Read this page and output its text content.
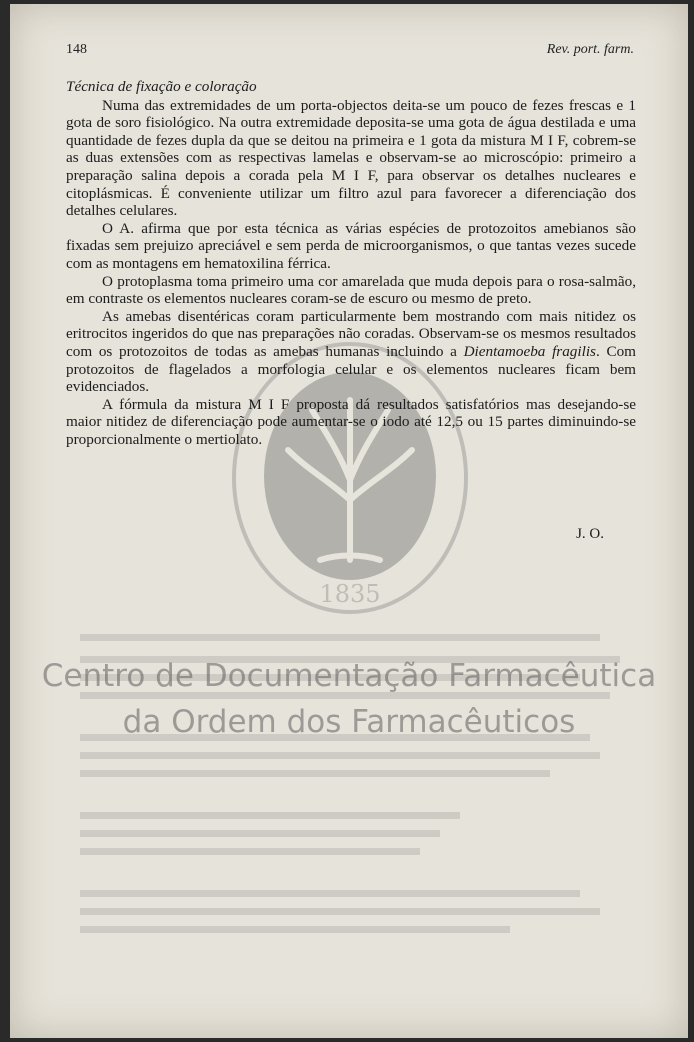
1835
148	Rev. port. farm.
Técnica de fixação e coloração

Numa das extremidades de um porta-objectos deita-se um pouco de fezes frescas e 1 gota de soro fisiológico. Na outra extremidade deposita-se uma gota de água destilada e uma quantidade de fezes dupla da que se deitou na primeira e 1 gota da mistura M I F, cobrem-se as duas extensões com as respectivas lamelas e observam-se ao microscópio: primeiro a preparação salina depois a corada pela M I F, para observar os detalhes nucleares e citoplásmicas. É conveniente utilizar um filtro azul para favorecer a diferenciação dos detalhes celulares.

O A. afirma que por esta técnica as várias espécies de protozoitos amebianos são fixadas sem prejuizo apreciável e sem perda de microorganismos, o que tantas vezes sucede com as montagens em hematoxilina férrica.

O protoplasma toma primeiro uma cor amarelada que muda depois para o rosa-salmão, em contraste os elementos nucleares coram-se de escuro ou mesmo de preto.

As amebas disentéricas coram particularmente bem mostrando com mais nitidez os eritrocitos ingeridos do que nas preparações não coradas. Observam-se os mesmos resultados com os protozoitos de todas as amebas humanas incluindo a Dientamoeba fragilis. Com protozoitos de flagelados a morfologia celular e os elementos nucleares ficam bem evidenciados.

A fórmula da mistura M I F proposta dá resultados satisfatórios mas desejando-se maior nitidez de diferenciação pode aumentar-se o iodo até 12,5 ou 15 partes diminuindo-se proporcionalmente o mertiolato.

J. O.
Centro de Documentação Farmacêutica
da Ordem dos Farmacêuticos
